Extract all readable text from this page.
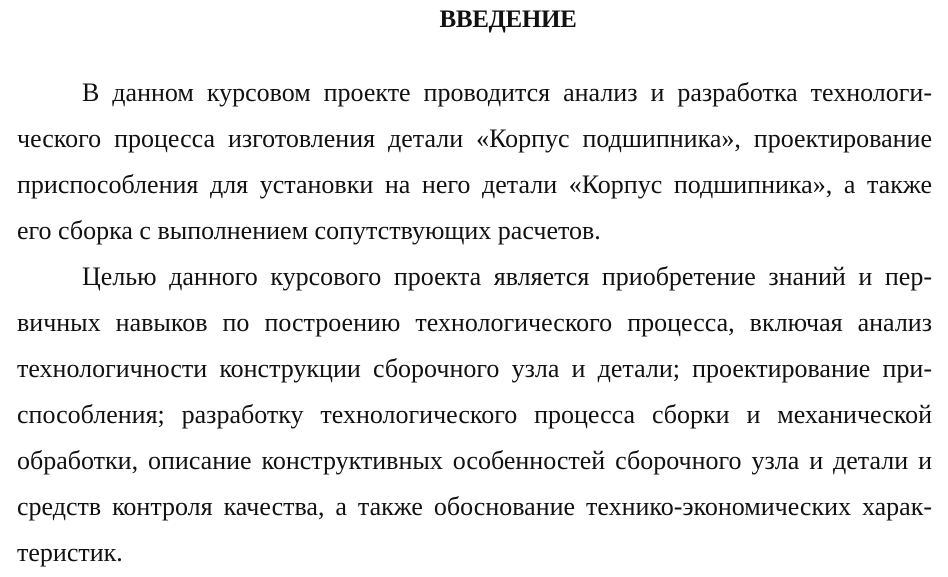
ВВЕДЕНИЕ
В данном курсовом проекте проводится анализ и разработка технологи-
ческого процесса изготовления детали «Корпус подшипника», проектирование
приспособления для установки на него детали «Корпус подшипника», а также
его сборка с выполнением сопутствующих расчетов.
Целью данного курсового проекта является приобретение знаний и пер-
вичных навыков по построению технологического процесса, включая анализ
технологичности конструкции сборочного узла и детали; проектирование при-
способления; разработку технологического процесса сборки и механической
обработки, описание конструктивных особенностей сборочного узла и детали и
средств контроля качества, а также обоснование технико-экономических харак-
теристик.
